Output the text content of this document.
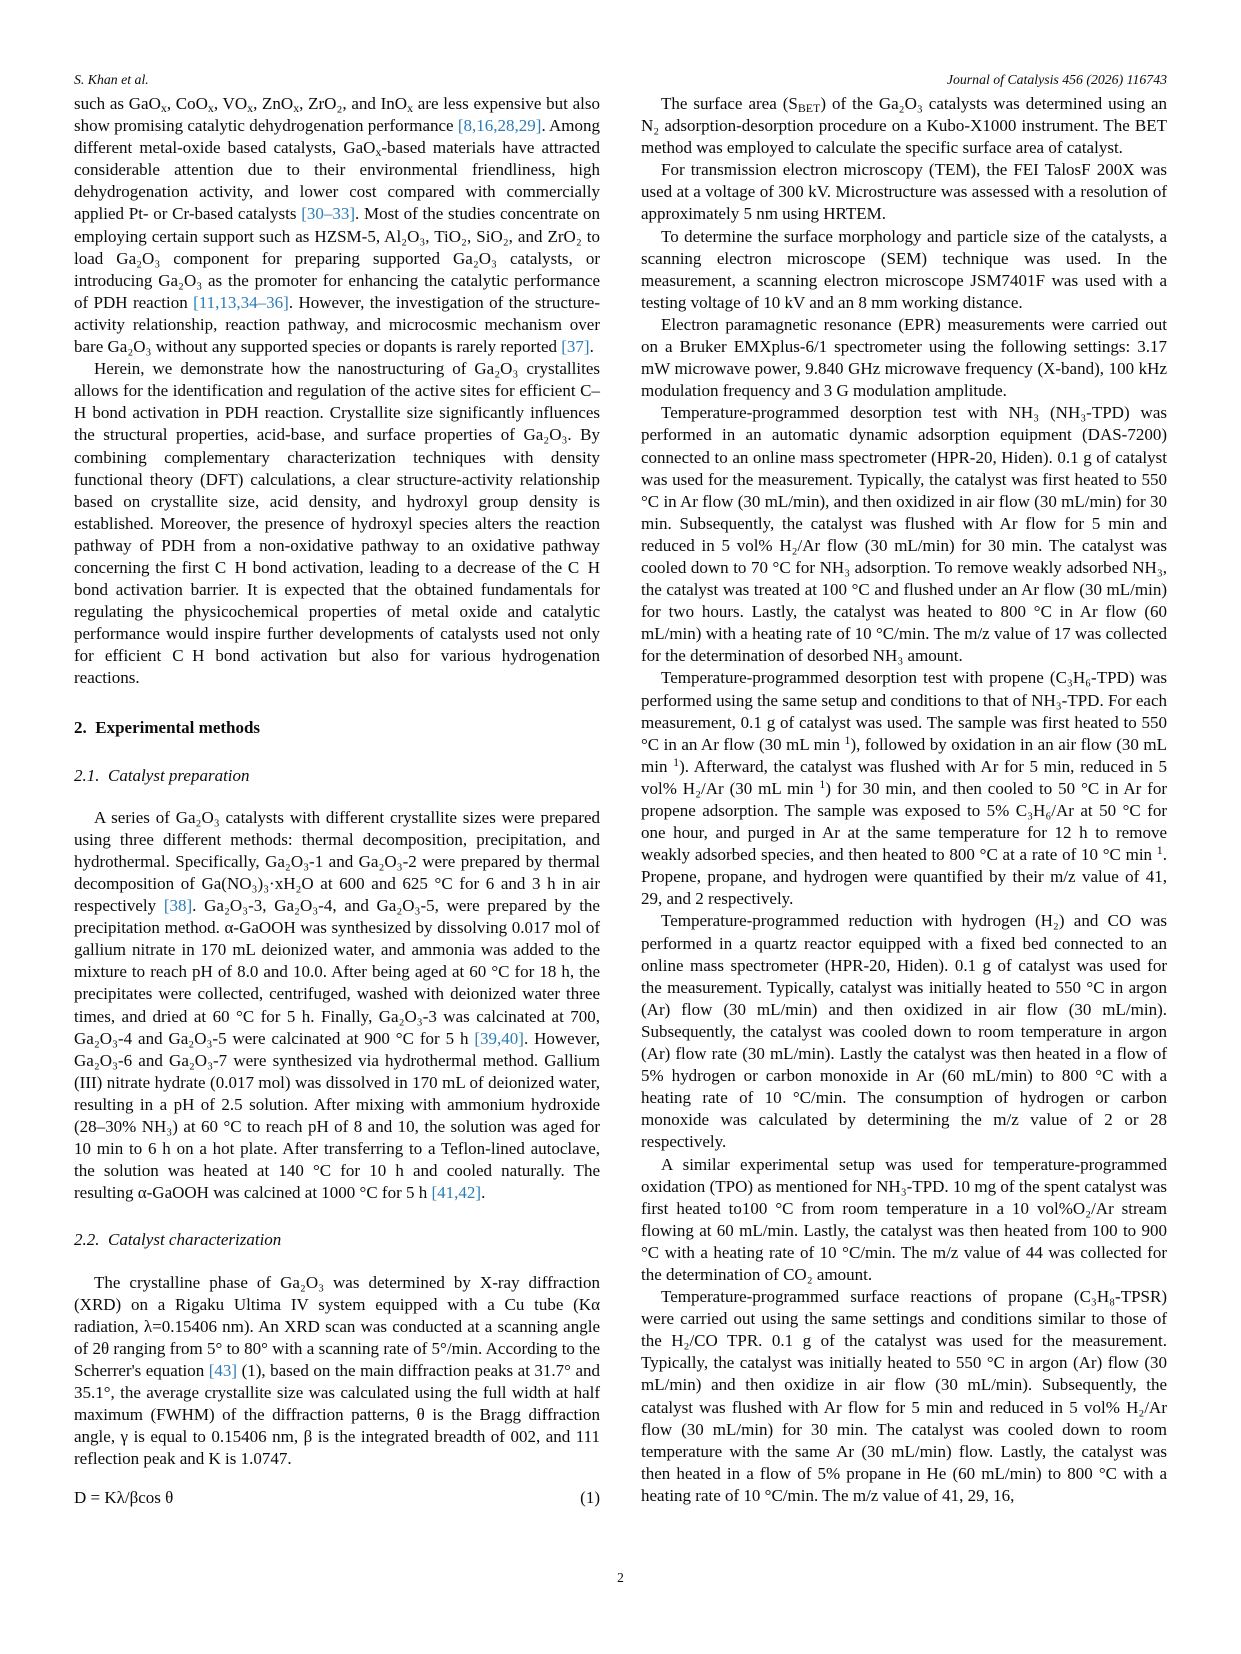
S. Khan et al.	Journal of Catalysis 456 (2026) 116743

such as GaO$_x$, CoO$_x$, $VO_x$, ZnO$_x$, ZrO₂, and InO$_x$ are less expensive but also show promising catalytic dehydrogenation performance [8,16,28,29]. Among different metal-oxide based catalysts, GaO$_x$-based materials have attracted considerable attention due to their environmental friendliness, high dehydrogenation activity, and lower cost compared with commercially applied Pt- or Cr-based catalysts [30–33]. Most of the studies concentrate on employing certain support such as HZSM-5, Al₂O₃, TiO₂, SiO₂, and ZrO₂ to load Ga₂O₃ component for preparing supported Ga₂O₃ catalysts, or introducing Ga₂O₃ as the promoter for enhancing the catalytic performance of PDH reaction [11,13,34–36]. However, the investigation of the structure-activity relationship, reaction pathway, and microcosmic mechanism over bare Ga₂O₃ without any supported species or dopants is rarely reported [37].

Herein, we demonstrate how the nanostructuring of Ga₂O₃ crystallites allows for the identification and regulation of the active sites for efficient C–H bond activation in PDH reaction. Crystallite size significantly influences the structural properties, acid-base, and surface properties of Ga₂O₃. By combining complementary characterization techniques with density functional theory (DFT) calculations, a clear structure-activity relationship based on crystallite size, acid density, and hydroxyl group density is established. Moreover, the presence of hydroxyl species alters the reaction pathway of PDH from a non-oxidative pathway to an oxidative pathway concerning the first C H bond activation, leading to a decrease of the C H bond activation barrier. It is expected that the obtained fundamentals for regulating the physicochemical properties of metal oxide and catalytic performance would inspire further developments of catalysts used not only for efficient C H bond activation but also for various hydrogenation reactions.

2. Experimental methods
2.1. Catalyst preparation

A series of Ga₂O₃ catalysts with different crystallite sizes were prepared using three different methods: thermal decomposition, precipitation, and hydrothermal. Specifically, Ga₂O₃-1 and Ga₂O₃-2 were prepared by thermal decomposition of Ga(NO₃)₃·xH₂O at 600 and 625 °C for 6 and 3 h in air respectively [38]. Ga₂O₃-3, Ga₂O₃-4, and Ga₂O₃-5, were prepared by the precipitation method. α-GaOOH was synthesized by dissolving 0.017 mol of gallium nitrate in 170 mL deionized water, and ammonia was added to the mixture to reach pH of 8.0 and 10.0. After being aged at 60 °C for 18 h, the precipitates were collected, centrifuged, washed with deionized water three times, and dried at 60 °C for 5 h. Finally, Ga₂O₃-3 was calcinated at 700, Ga₂O₃-4 and Ga₂O₃-5 were calcinated at 900 °C for 5 h [39,40]. However, Ga₂O₃-6 and Ga₂O₃-7 were synthesized via hydrothermal method. Gallium (III) nitrate hydrate (0.017 mol) was dissolved in 170 mL of deionized water, resulting in a pH of 2.5 solution. After mixing with ammonium hydroxide (28–30% NH₃) at 60 °C to reach pH of 8 and 10, the solution was aged for 10 min to 6 h on a hot plate. After transferring to a Teflon-lined autoclave, the solution was heated at 140 °C for 10 h and cooled naturally. The resulting α-GaOOH was calcined at 1000 °C for 5 h [41,42].

2.2. Catalyst characterization

The crystalline phase of Ga₂O₃ was determined by X-ray diffraction (XRD) on a Rigaku Ultima IV system equipped with a Cu tube (Kα radiation, λ=0.15406 nm). An XRD scan was conducted at a scanning angle of 2θ ranging from 5° to 80° with a scanning rate of 5°/min. According to the Scherrer's equation [43] (1), based on the main diffraction peaks at 31.7° and 35.1°, the average crystallite size was calculated using the full width at half maximum (FWHM) of the diffraction patterns, θ is the Bragg diffraction angle, γ is equal to 0.15406 nm, β is the integrated breadth of 002, and 111 reflection peak and K is 1.0747.

D = Kλ/βcos θ	(1)

The surface area $(S_{BET})$ of the Ga₂O₃ catalysts was determined using an N₂ adsorption-desorption procedure on a Kubo-X1000 instrument. The BET method was employed to calculate the specific surface area of catalyst.

For transmission electron microscopy (TEM), the FEI TalosF 200X was used at a voltage of 300 kV. Microstructure was assessed with a resolution of approximately 5 nm using HRTEM.

To determine the surface morphology and particle size of the catalysts, a scanning electron microscope (SEM) technique was used. In the measurement, a scanning electron microscope JSM7401F was used with a testing voltage of 10 kV and an 8 mm working distance.

Electron paramagnetic resonance (EPR) measurements were carried out on a Bruker EMXplus-6/1 spectrometer using the following settings: 3.17 mW microwave power, 9.840 GHz microwave frequency (X-band), 100 kHz modulation frequency and 3 G modulation amplitude.

Temperature-programmed desorption test with NH₃ (NH₃-TPD) was performed in an automatic dynamic adsorption equipment (DAS-7200) connected to an online mass spectrometer (HPR-20, Hiden). 0.1 g of catalyst was used for the measurement. Typically, the catalyst was first heated to 550 °C in Ar flow (30 mL/min), and then oxidized in air flow (30 mL/min) for 30 min. Subsequently, the catalyst was flushed with Ar flow for 5 min and reduced in 5 vol% H₂/Ar flow (30 mL/min) for 30 min. The catalyst was cooled down to 70 °C for NH₃ adsorption. To remove weakly adsorbed NH₃, the catalyst was treated at 100 °C and flushed under an Ar flow (30 mL/min) for two hours. Lastly, the catalyst was heated to 800 °C in Ar flow (60 mL/min) with a heating rate of 10 °C/min. The m/z value of 17 was collected for the determination of desorbed NH₃ amount.

Temperature-programmed desorption test with propene (C₃H₆-TPD) was performed using the same setup and conditions to that of NH₃-TPD. For each measurement, 0.1 g of catalyst was used. The sample was first heated to 550 °C in an Ar flow (30 mL min $^1$), followed by oxidation in an air flow (30 mL min $^1$). Afterward, the catalyst was flushed with Ar for 5 min, reduced in 5 vol% H₂/Ar (30 mL min $^1$) for 30 min, and then cooled to 50 °C in Ar for propene adsorption. The sample was exposed to 5% C₃H₆/Ar at 50 °C for one hour, and purged in Ar at the same temperature for 12 h to remove weakly adsorbed species, and then heated to 800 °C at a rate of 10 °C min $^1$. Propene, propane, and hydrogen were quantified by their m/z value of 41, 29, and 2 respectively.

Temperature-programmed reduction with hydrogen (H₂) and CO was performed in a quartz reactor equipped with a fixed bed connected to an online mass spectrometer (HPR-20, Hiden). 0.1 g of catalyst was used for the measurement. Typically, catalyst was initially heated to 550 °C in argon (Ar) flow (30 mL/min) and then oxidized in air flow (30 mL/min). Subsequently, the catalyst was cooled down to room temperature in argon (Ar) flow rate (30 mL/min). Lastly the catalyst was then heated in a flow of 5% hydrogen or carbon monoxide in Ar (60 mL/min) to 800 °C with a heating rate of 10 °C/min. The consumption of hydrogen or carbon monoxide was calculated by determining the m/z value of 2 or 28 respectively.

A similar experimental setup was used for temperature-programmed oxidation (TPO) as mentioned for NH₃-TPD. 10 mg of the spent catalyst was first heated to100 °C from room temperature in a 10 vol%O₂/Ar stream flowing at 60 mL/min. Lastly, the catalyst was then heated from 100 to 900 °C with a heating rate of 10 °C/min. The m/z value of 44 was collected for the determination of CO₂ amount.

Temperature-programmed surface reactions of propane (C₃H₈-TPSR) were carried out using the same settings and conditions similar to those of the H₂/CO TPR. 0.1 g of the catalyst was used for the measurement. Typically, the catalyst was initially heated to 550 °C in argon (Ar) flow (30 mL/min) and then oxidize in air flow (30 mL/min). Subsequently, the catalyst was flushed with Ar flow for 5 min and reduced in 5 vol% H₂/Ar flow (30 mL/min) for 30 min. The catalyst was cooled down to room temperature with the same Ar (30 mL/min) flow. Lastly, the catalyst was then heated in a flow of 5% propane in He (60 mL/min) to 800 °C with a heating rate of 10 °C/min. The m/z value of 41, 29, 16,

2
